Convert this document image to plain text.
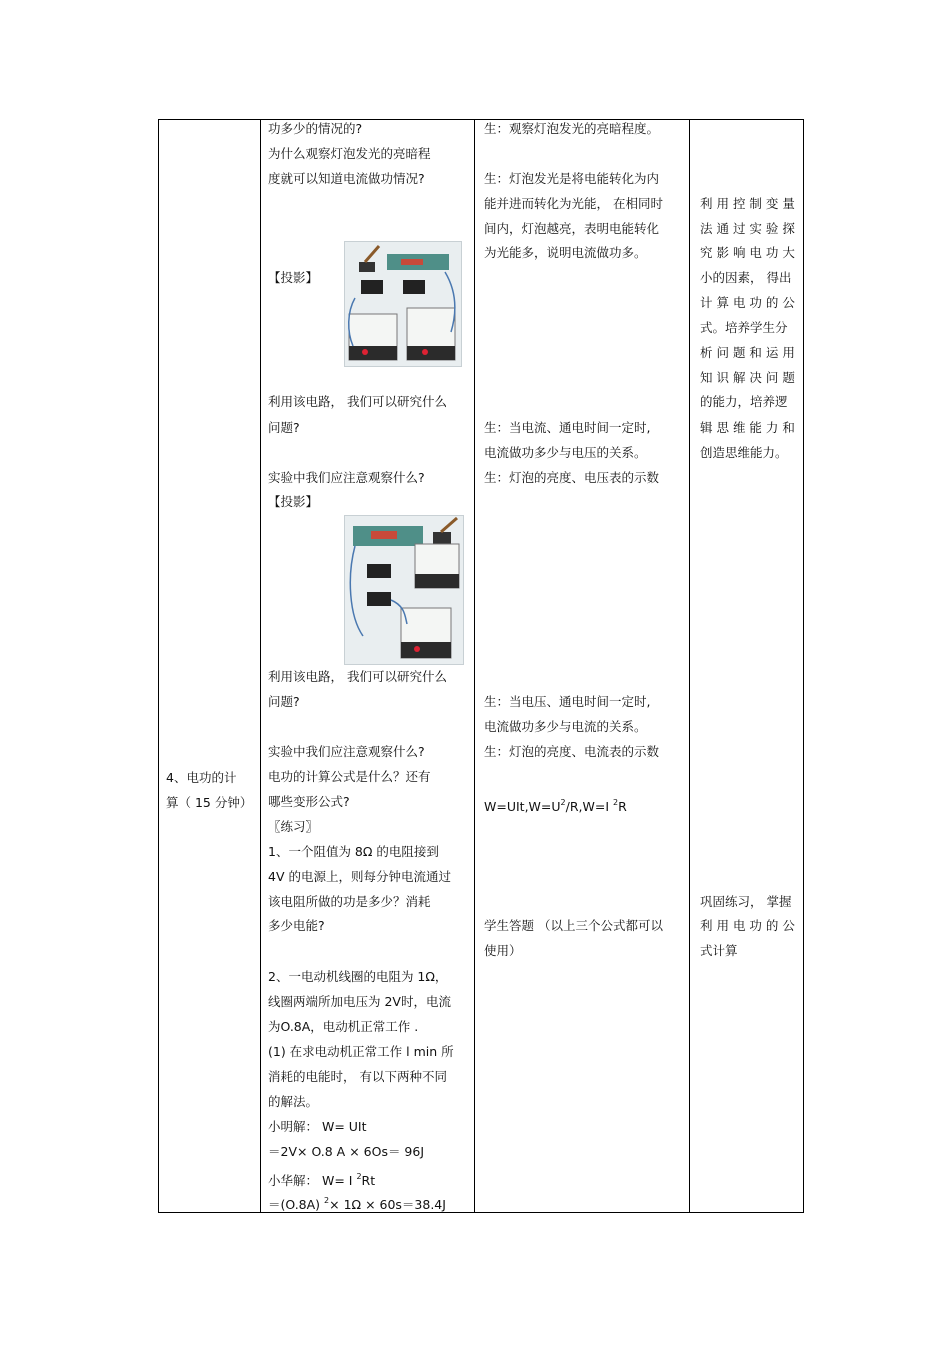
4、电功的计
算（ 15 分钟）
功多少的情况的?
为什么观察灯泡发光的亮暗程
度就可以知道电流做功情况?
【投影】
利用该电路， 我们可以研究什么
问题?
实验中我们应注意观察什么?
【投影】
利用该电路， 我们可以研究什么
问题?
实验中我们应注意观察什么?
电功的计算公式是什么？还有
哪些变形公式?
〖练习〗
1、一个阻值为 8Ω 的电阻接到
4V 的电源上，则每分钟电流通过
该电阻所做的功是多少？消耗
多少电能?
2、一电动机线圈的电阻为 1Ω，
线圈两端所加电压为 2V时，电流
为O.8A，电动机正常工作 .
(1) 在求电动机正常工作 l min 所
消耗的电能时， 有以下两种不同
的解法。
小明解： W= UIt
＝2V× O.8 A × 6Os＝ 96J
小华解： W= I $^2$Rt
＝(O.8A) $^2$× 1Ω × 60s＝38.4J
生：观察灯泡发光的亮暗程度。
生：灯泡发光是将电能转化为内
能并进而转化为光能， 在相同时
间内，灯泡越亮，表明电能转化
为光能多，说明电流做功多。
生：当电流、通电时间一定时,
电流做功多少与电压的关系。
生：灯泡的亮度、电压表的示数
生：当电压、通电时间一定时,
电流做功多少与电流的关系。
生：灯泡的亮度、电流表的示数
$W=UIt,W=U^2/R,W=I$ $^2$R
学生答题 （以上三个公式都可以
使用）
利 用 控 制 变 量
法 通 过 实 验 探
究 影 响 电 功 大
小的因素， 得出
计 算 电 功 的 公
式。培养学生分
析 问 题 和 运 用
知 识 解 决 问 题
的能力，培养逻
辑 思 维 能 力 和
创造思维能力。
巩固练习， 掌握
利 用 电 功 的 公
式计算
